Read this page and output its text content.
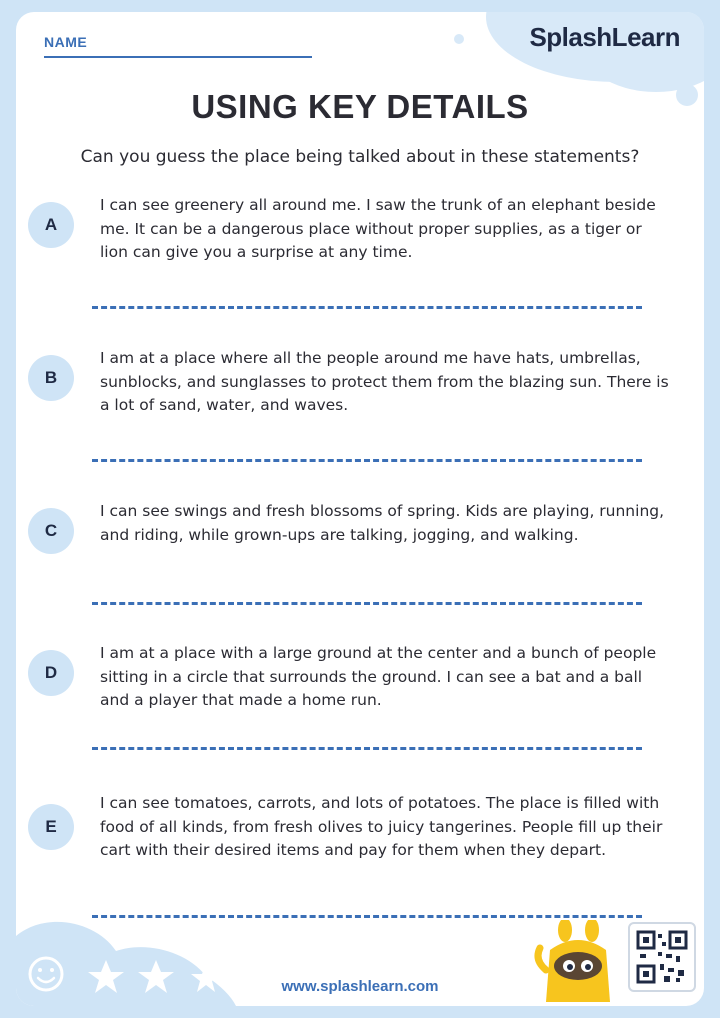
NAME	SplashLearn
USING KEY DETAILS
Can you guess the place being talked about in these statements?
A
I can see greenery all around me. I saw the trunk of an elephant beside me. It can be a dangerous place without proper supplies, as a tiger or lion can give you a surprise at any time.
B
I am at a place where all the people around me have hats, umbrellas, sunblocks, and sunglasses to protect them from the blazing sun. There is a lot of sand, water, and waves.
C
I can see swings and fresh blossoms of spring. Kids are playing, running, and riding, while grown-ups are talking, jogging, and walking.
D
I am at a place with a large ground at the center and a bunch of people sitting in a circle that surrounds the ground. I can see a bat and a ball and a player that made a home run.
E
I can see tomatoes, carrots, and lots of potatoes. The place is filled with food of all kinds, from fresh olives to juicy tangerines. People fill up their cart with their desired items and pay for them when they depart.
www.splashlearn.com
